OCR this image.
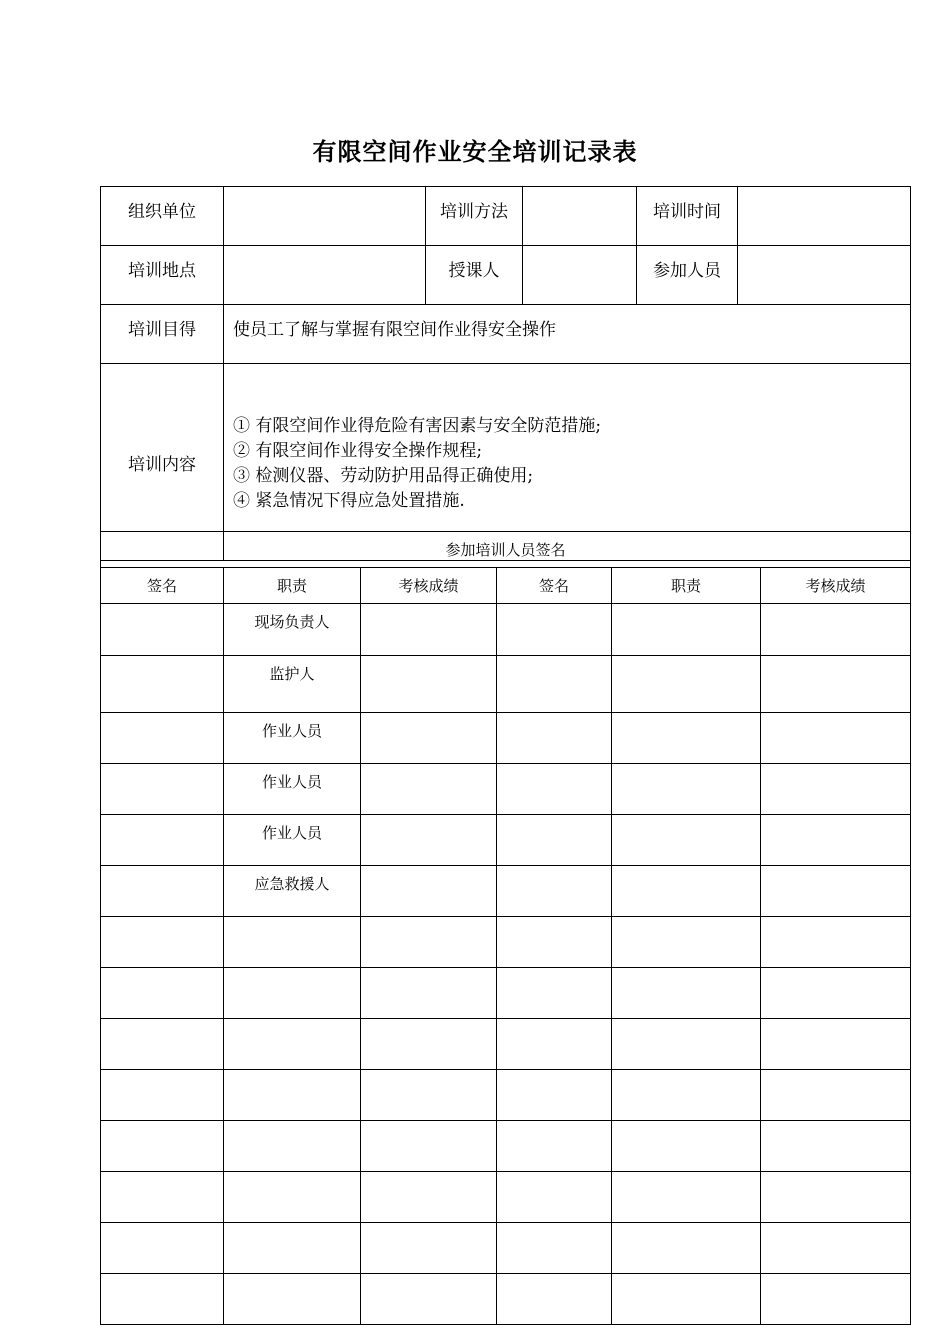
有限空间作业安全培训记录表
组织单位		培训方法		培训时间	
培训地点		授课人		参加人员	
培训目得	使员工了解与掌握有限空间作业得安全操作				
培训内容	① 有限空间作业得危险有害因素与安全防范措施;
② 有限空间作业得安全操作规程;
③ 检测仪器、劳动防护用品得正确使用;
④ 紧急情况下得应急处置措施.				
参加培训人员签名					
签名	职责	考核成绩	签名	职责	考核成绩
	现场负责人				
	监护人				
	作业人员				
	作业人员				
	作业人员				
	应急救援人				
